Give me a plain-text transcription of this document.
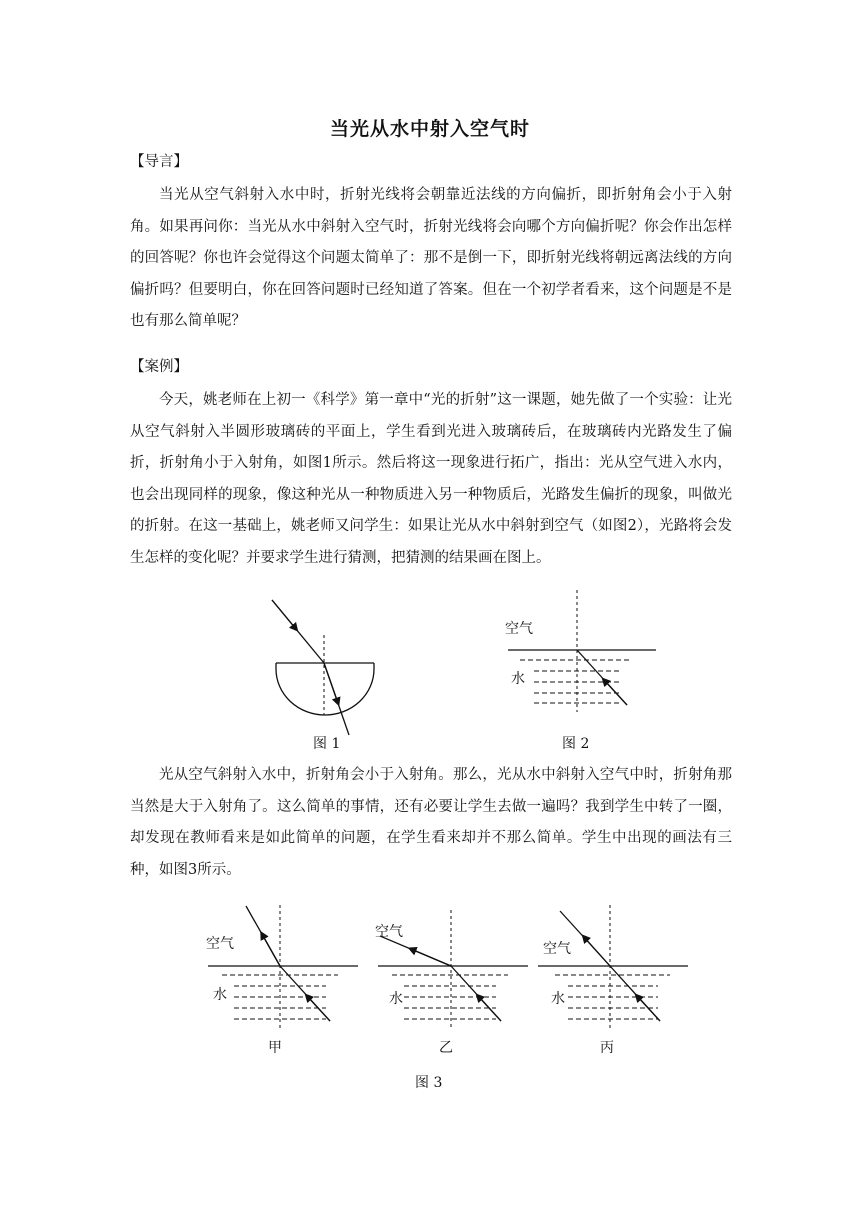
当光从水中射入空气时

【导言】

当光从空气斜射入水中时，折射光线将会朝靠近法线的方向偏折，即折射角会小于入射角。如果再问你：当光从水中斜射入空气时，折射光线将会向哪个方向偏折呢？你会作出怎样的回答呢？你也许会觉得这个问题太简单了：那不是倒一下，即折射光线将朝远离法线的方向偏折吗？但要明白，你在回答问题时已经知道了答案。但在一个初学者看来，这个问题是不是也有那么简单呢？

【案例】

今天，姚老师在上初一《科学》第一章中“光的折射”这一课题，她先做了一个实验：让光从空气斜射入半圆形玻璃砖的平面上，学生看到光进入玻璃砖后，在玻璃砖内光路发生了偏折，折射角小于入射角，如图1所示。然后将这一现象进行拓广，指出：光从空气进入水内，也会出现同样的现象，像这种光从一种物质进入另一种物质后，光路发生偏折的现象，叫做光的折射。在这一基础上，姚老师又问学生：如果让光从水中斜射到空气（如图2），光路将会发生怎样的变化呢？并要求学生进行猜测，把猜测的结果画在图上。

空气
水
空气
水
甲
空气
水
乙
空气
水
丙

图 1	图 2

光从空气斜射入水中，折射角会小于入射角。那么，光从水中斜射入空气中时，折射角那当然是大于入射角了。这么简单的事情，还有必要让学生去做一遍吗？我到学生中转了一圈，却发现在教师看来是如此简单的问题，在学生看来却并不那么简单。学生中出现的画法有三种，如图3所示。

图 3
